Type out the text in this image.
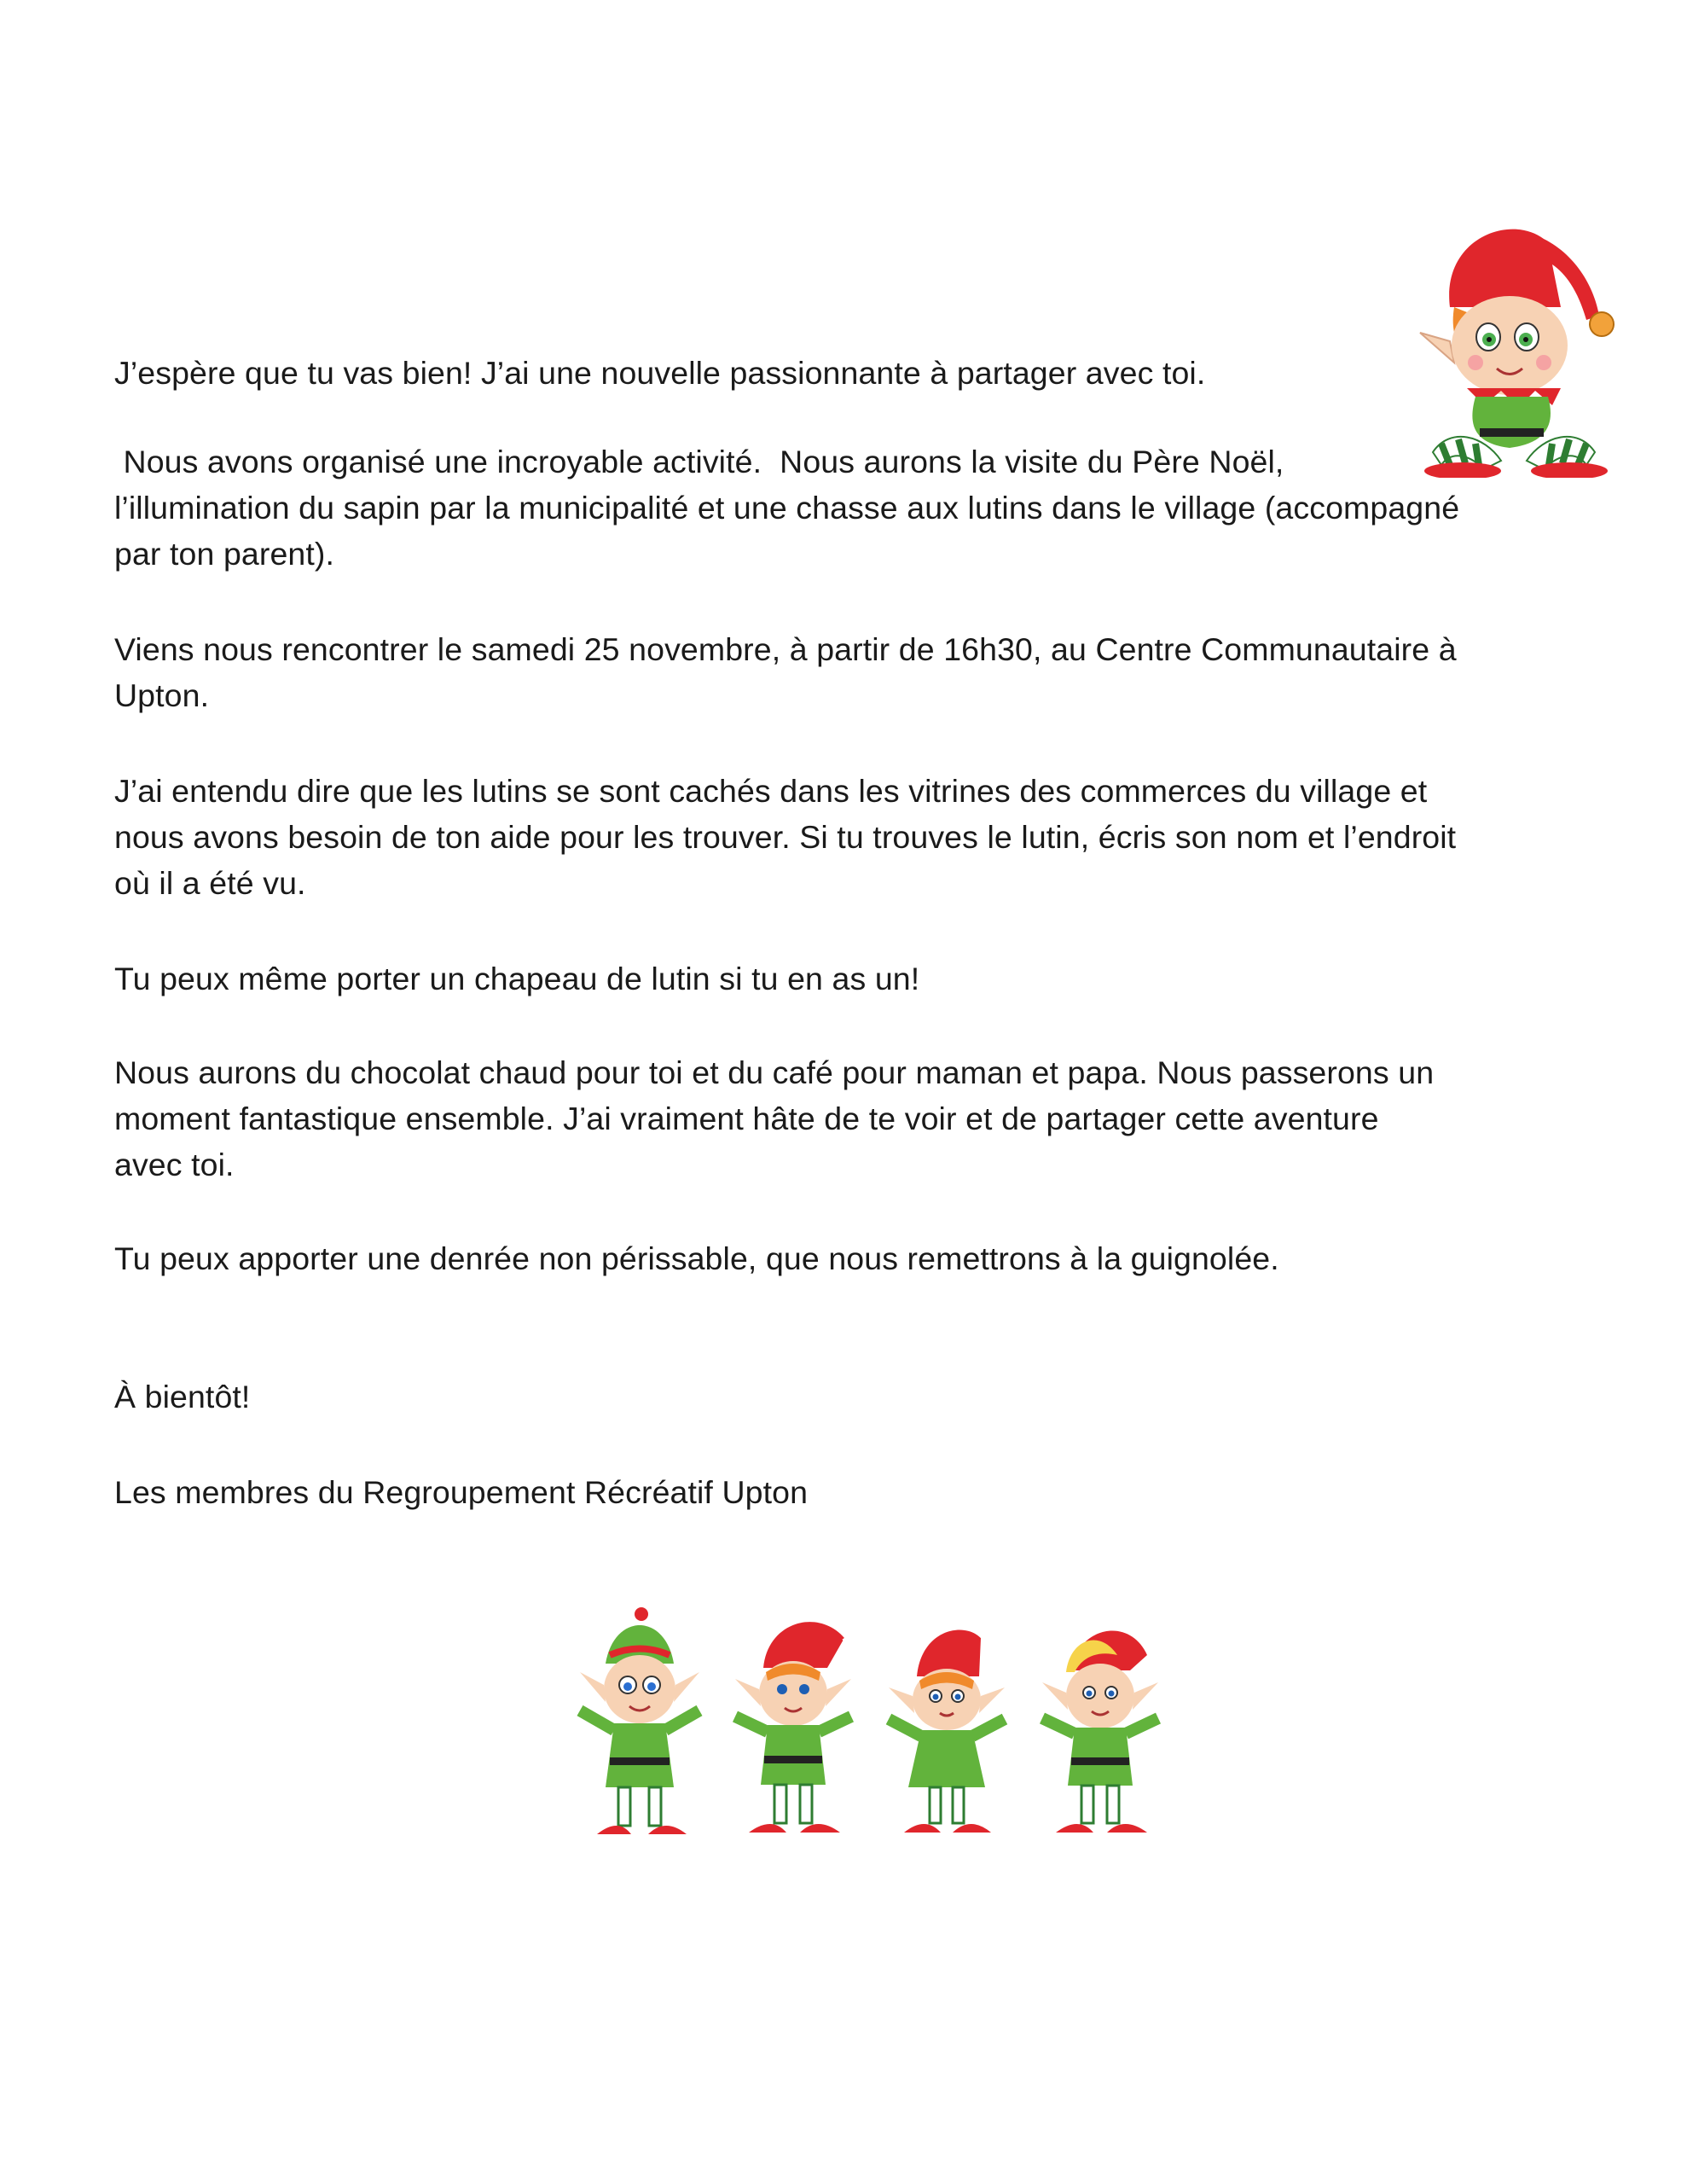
J’espère que tu vas bien! J’ai une nouvelle passionnante à partager avec toi.

Nous avons organisé une incroyable activité.  Nous aurons la visite du Père Noël,
l’illumination du sapin par la municipalité et une chasse aux lutins dans le village (accompagné
par ton parent).

Viens nous rencontrer le samedi 25 novembre, à partir de 16h30, au Centre Communautaire à
Upton.

J’ai entendu dire que les lutins se sont cachés dans les vitrines des commerces du village et
nous avons besoin de ton aide pour les trouver. Si tu trouves le lutin, écris son nom et l’endroit
où il a été vu.

Tu peux même porter un chapeau de lutin si tu en as un!

Nous aurons du chocolat chaud pour toi et du café pour maman et papa. Nous passerons un
moment fantastique ensemble. J’ai vraiment hâte de te voir et de partager cette aventure
avec toi.

Tu peux apporter une denrée non périssable, que nous remettrons à la guignolée.

À bientôt!

Les membres du Regroupement Récréatif Upton
